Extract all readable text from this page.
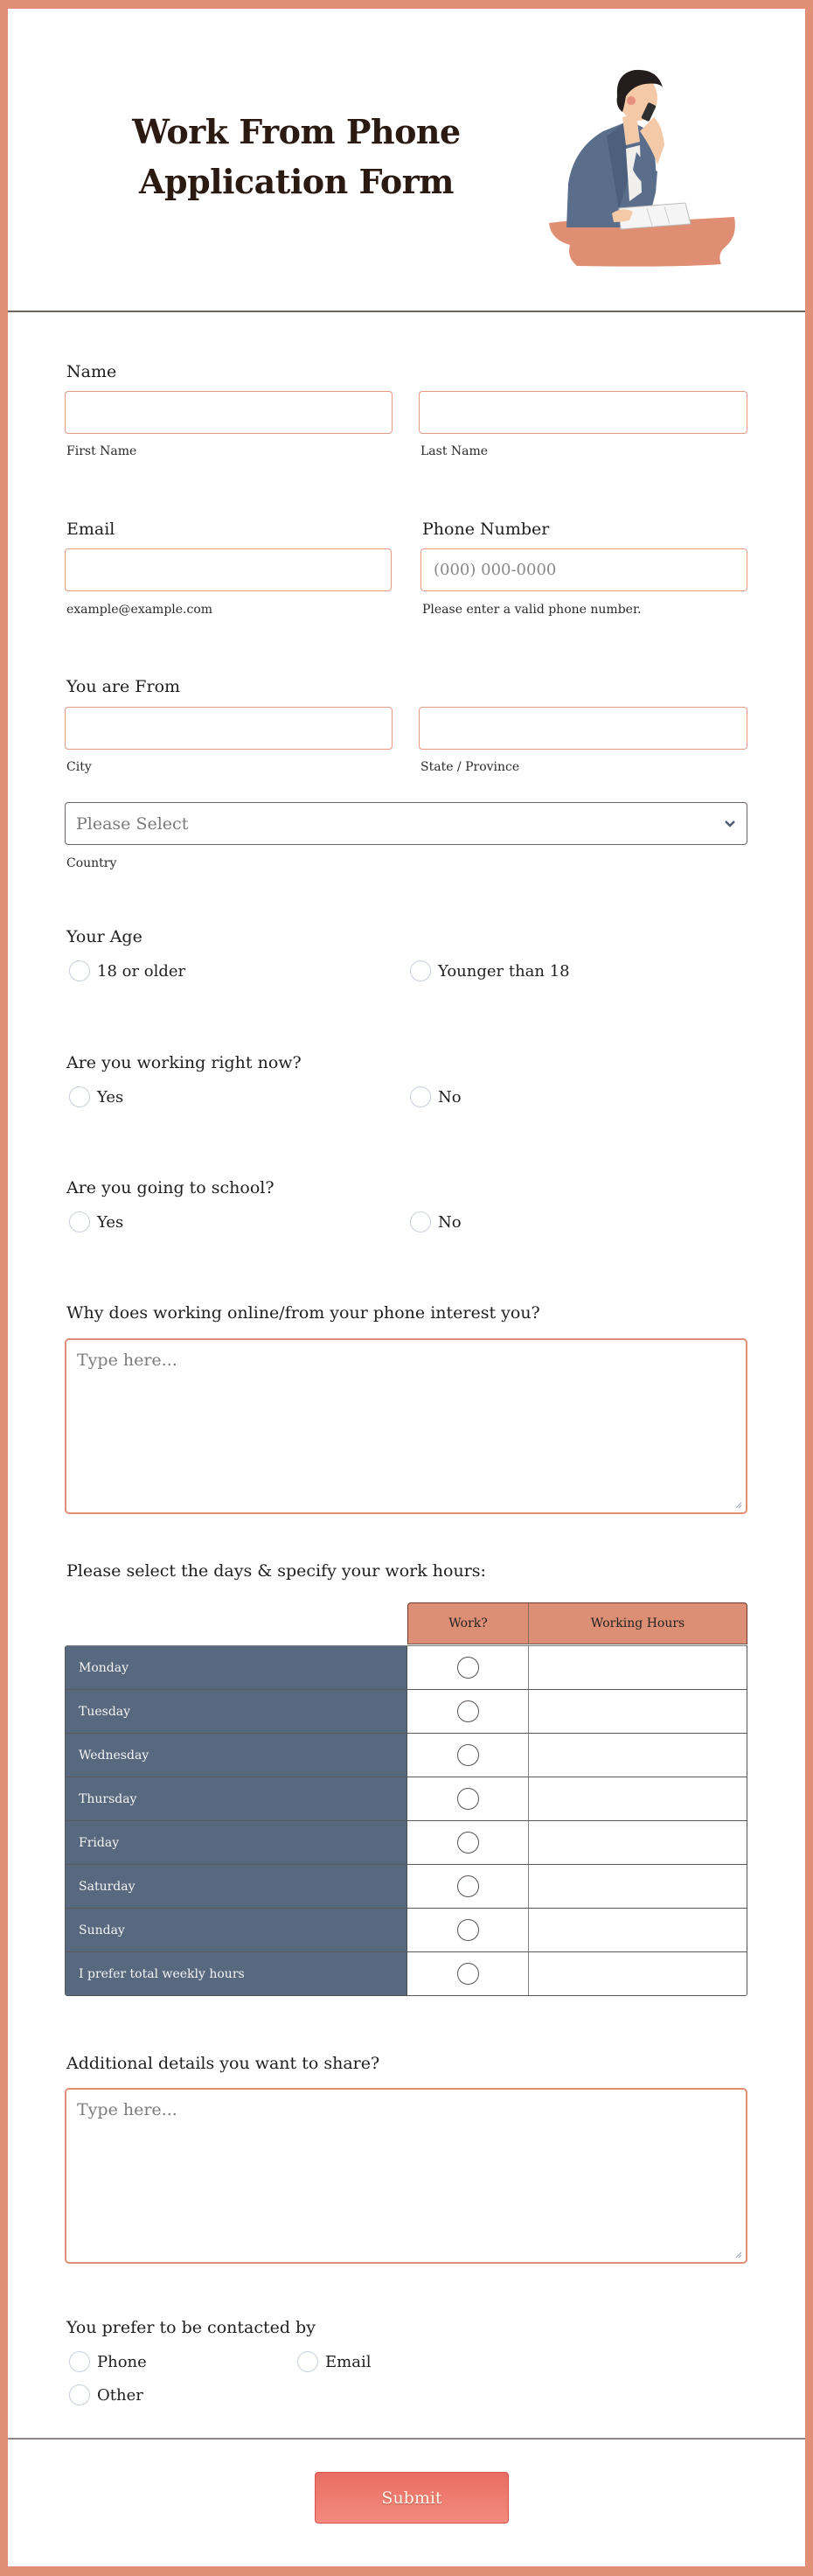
Work From Phone
Application Form
Name
First Name	Last Name
Email
example@example.com
Phone Number
(000) 000-0000
Please enter a valid phone number.
You are From
City	State / Province
Please Select
Country
Your Age
18 or older	Younger than 18
Are you working right now?
Yes	No
Are you going to school?
Yes	No
Why does working online/from your phone interest you?
Type here...
Please select the days & specify your work hours:
Work?	Working Hours
Monday
Tuesday
Wednesday
Thursday
Friday
Saturday
Sunday
I prefer total weekly hours
Additional details you want to share?
Type here...
You prefer to be contacted by
Phone	Email
Other
Submit
